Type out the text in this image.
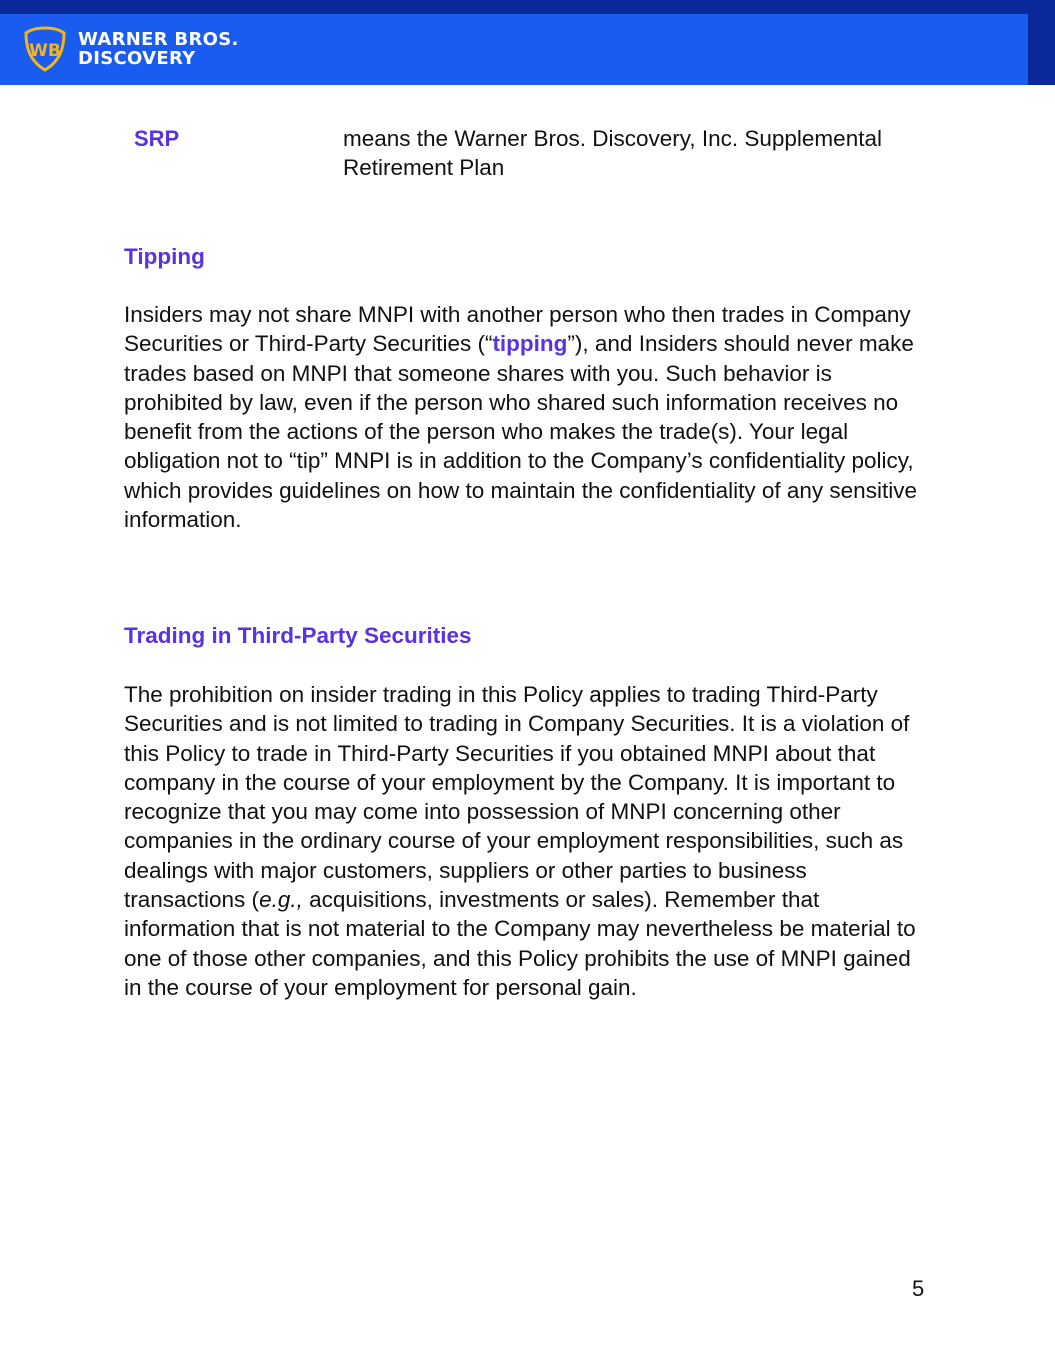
WB
WARNER BROS.
DISCOVERY
SRP	means the Warner Bros. Discovery, Inc. Supplemental Retirement Plan
Tipping
Insiders may not share MNPI with another person who then trades in Company Securities or Third-Party Securities (“tipping”), and Insiders should never make trades based on MNPI that someone shares with you. Such behavior is prohibited by law, even if the person who shared such information receives no benefit from the actions of the person who makes the trade(s). Your legal obligation not to “tip” MNPI is in addition to the Company’s confidentiality policy, which provides guidelines on how to maintain the confidentiality of any sensitive information.
Trading in Third-Party Securities
The prohibition on insider trading in this Policy applies to trading Third-Party Securities and is not limited to trading in Company Securities. It is a violation of this Policy to trade in Third-Party Securities if you obtained MNPI about that company in the course of your employment by the Company. It is important to recognize that you may come into possession of MNPI concerning other companies in the ordinary course of your employment responsibilities, such as dealings with major customers, suppliers or other parties to business transactions (e.g., acquisitions, investments or sales). Remember that information that is not material to the Company may nevertheless be material to one of those other companies, and this Policy prohibits the use of MNPI gained in the course of your employment for personal gain.
5
